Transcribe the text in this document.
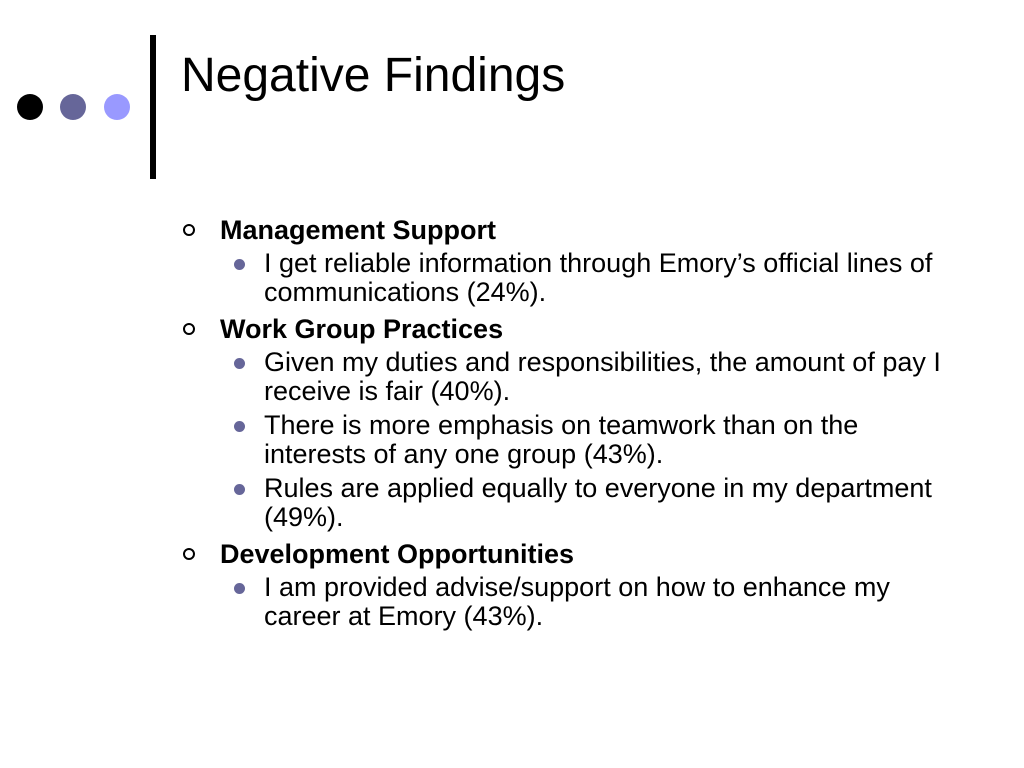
Negative Findings
Management Support
I get reliable information through Emory’s official lines of communications (24%).
Work Group Practices
Given my duties and responsibilities, the amount of pay I receive is fair (40%).
There is more emphasis on teamwork than on the interests of any one group (43%).
Rules are applied equally to everyone in my department (49%).
Development Opportunities
I am provided advise/support on how to enhance my career at Emory (43%).
